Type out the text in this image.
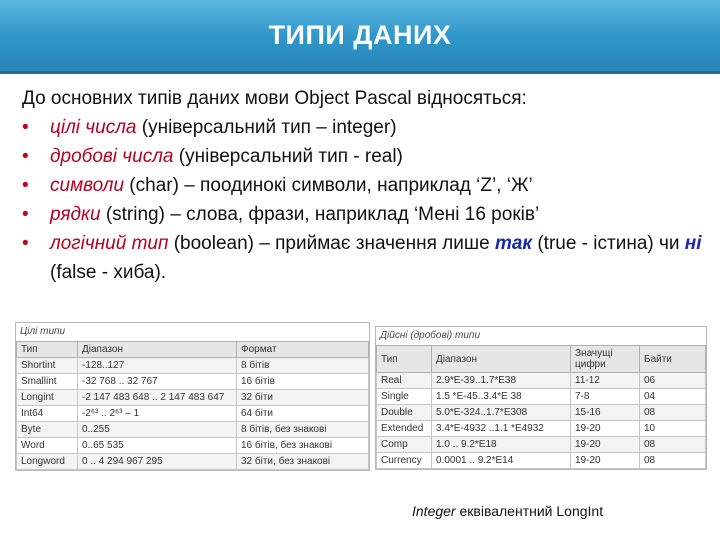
ТИПИ ДАНИХ

До основних типів даних мови Object Pascal відносяться:

• цілі числа (універсальний тип – integer)
• дробові числа (універсальний тип - real)
• символи (char) – поодинокі символи, наприклад ‘Z’, ‘Ж’
• рядки (string) – слова, фрази, наприклад ‘Мені 16 років’
• логічний тип (boolean) – приймає значення лише так (true - істина) чи ні (false - хиба).
Цілі типи
Тип	Діапазон	Формат
Shortint	-128..127	8 бітів
Smallint	-32 768 .. 32 767	16 бітів
Longint	-2 147 483 648 .. 2 147 483 647	32 біти
Int64	-2⁶³ .. 2⁶³ – 1	64 біти
Byte	0..255	8 бітів, без знакові
Word	0..65 535	16 бітів, без знакові
Longword	0 .. 4 294 967 295	32 біти, без знакові
Дійсні (дробові) типи
Тип	Діапазон	Значущі цифри	Байти
Real	2.9*E-39..1.7*E38	11-12	06
Single	1.5 *E-45..3.4*E 38	7-8	04
Double	5.0*E-324..1.7*E308	15-16	08
Extended	3.4*E-4932 ..1.1 *E4932	19-20	10
Comp	1.0 .. 9.2*E18	19-20	08
Currency	0.0001 .. 9.2*E14	19-20	08
Integer еквівалентний LongInt
